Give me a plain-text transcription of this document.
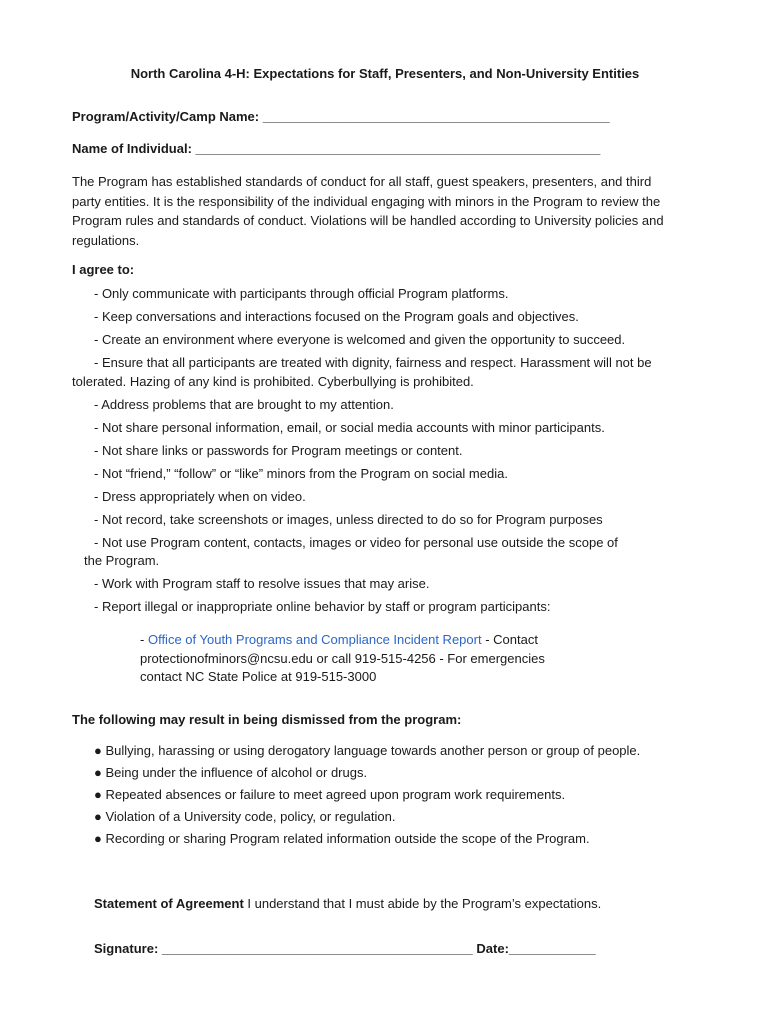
North Carolina 4-H: Expectations for Staff, Presenters, and Non-University Entities
Program/Activity/Camp Name: ________________________________________________
Name of Individual: ________________________________________________________
The Program has established standards of conduct for all staff, guest speakers, presenters, and third party entities. It is the responsibility of the individual engaging with minors in the Program to review the Program rules and standards of conduct. Violations will be handled according to University policies and regulations.
I agree to:
- Only communicate with participants through official Program platforms.
- Keep conversations and interactions focused on the Program goals and objectives.
- Create an environment where everyone is welcomed and given the opportunity to succeed.
- Ensure that all participants are treated with dignity, fairness and respect. Harassment will not be tolerated. Hazing of any kind is prohibited. Cyberbullying is prohibited.
- Address problems that are brought to my attention.
- Not share personal information, email, or social media accounts with minor participants.
- Not share links or passwords for Program meetings or content.
- Not “friend,” “follow” or “like” minors from the Program on social media.
- Dress appropriately when on video.
- Not record, take screenshots or images, unless directed to do so for Program purposes
- Not use Program content, contacts, images or video for personal use outside the scope of the Program.
- Work with Program staff to resolve issues that may arise.
- Report illegal or inappropriate online behavior by staff or program participants:
- Office of Youth Programs and Compliance Incident Report - Contact protectionofminors@ncsu.edu or call 919-515-4256 - For emergencies contact NC State Police at 919-515-3000
The following may result in being dismissed from the program:
● Bullying, harassing or using derogatory language towards another person or group of people.
● Being under the influence of alcohol or drugs.
● Repeated absences or failure to meet agreed upon program work requirements.
● Violation of a University code, policy, or regulation.
● Recording or sharing Program related information outside the scope of the Program.
Statement of Agreement I understand that I must abide by the Program’s expectations.
Signature: ___________________________________________ Date:____________
